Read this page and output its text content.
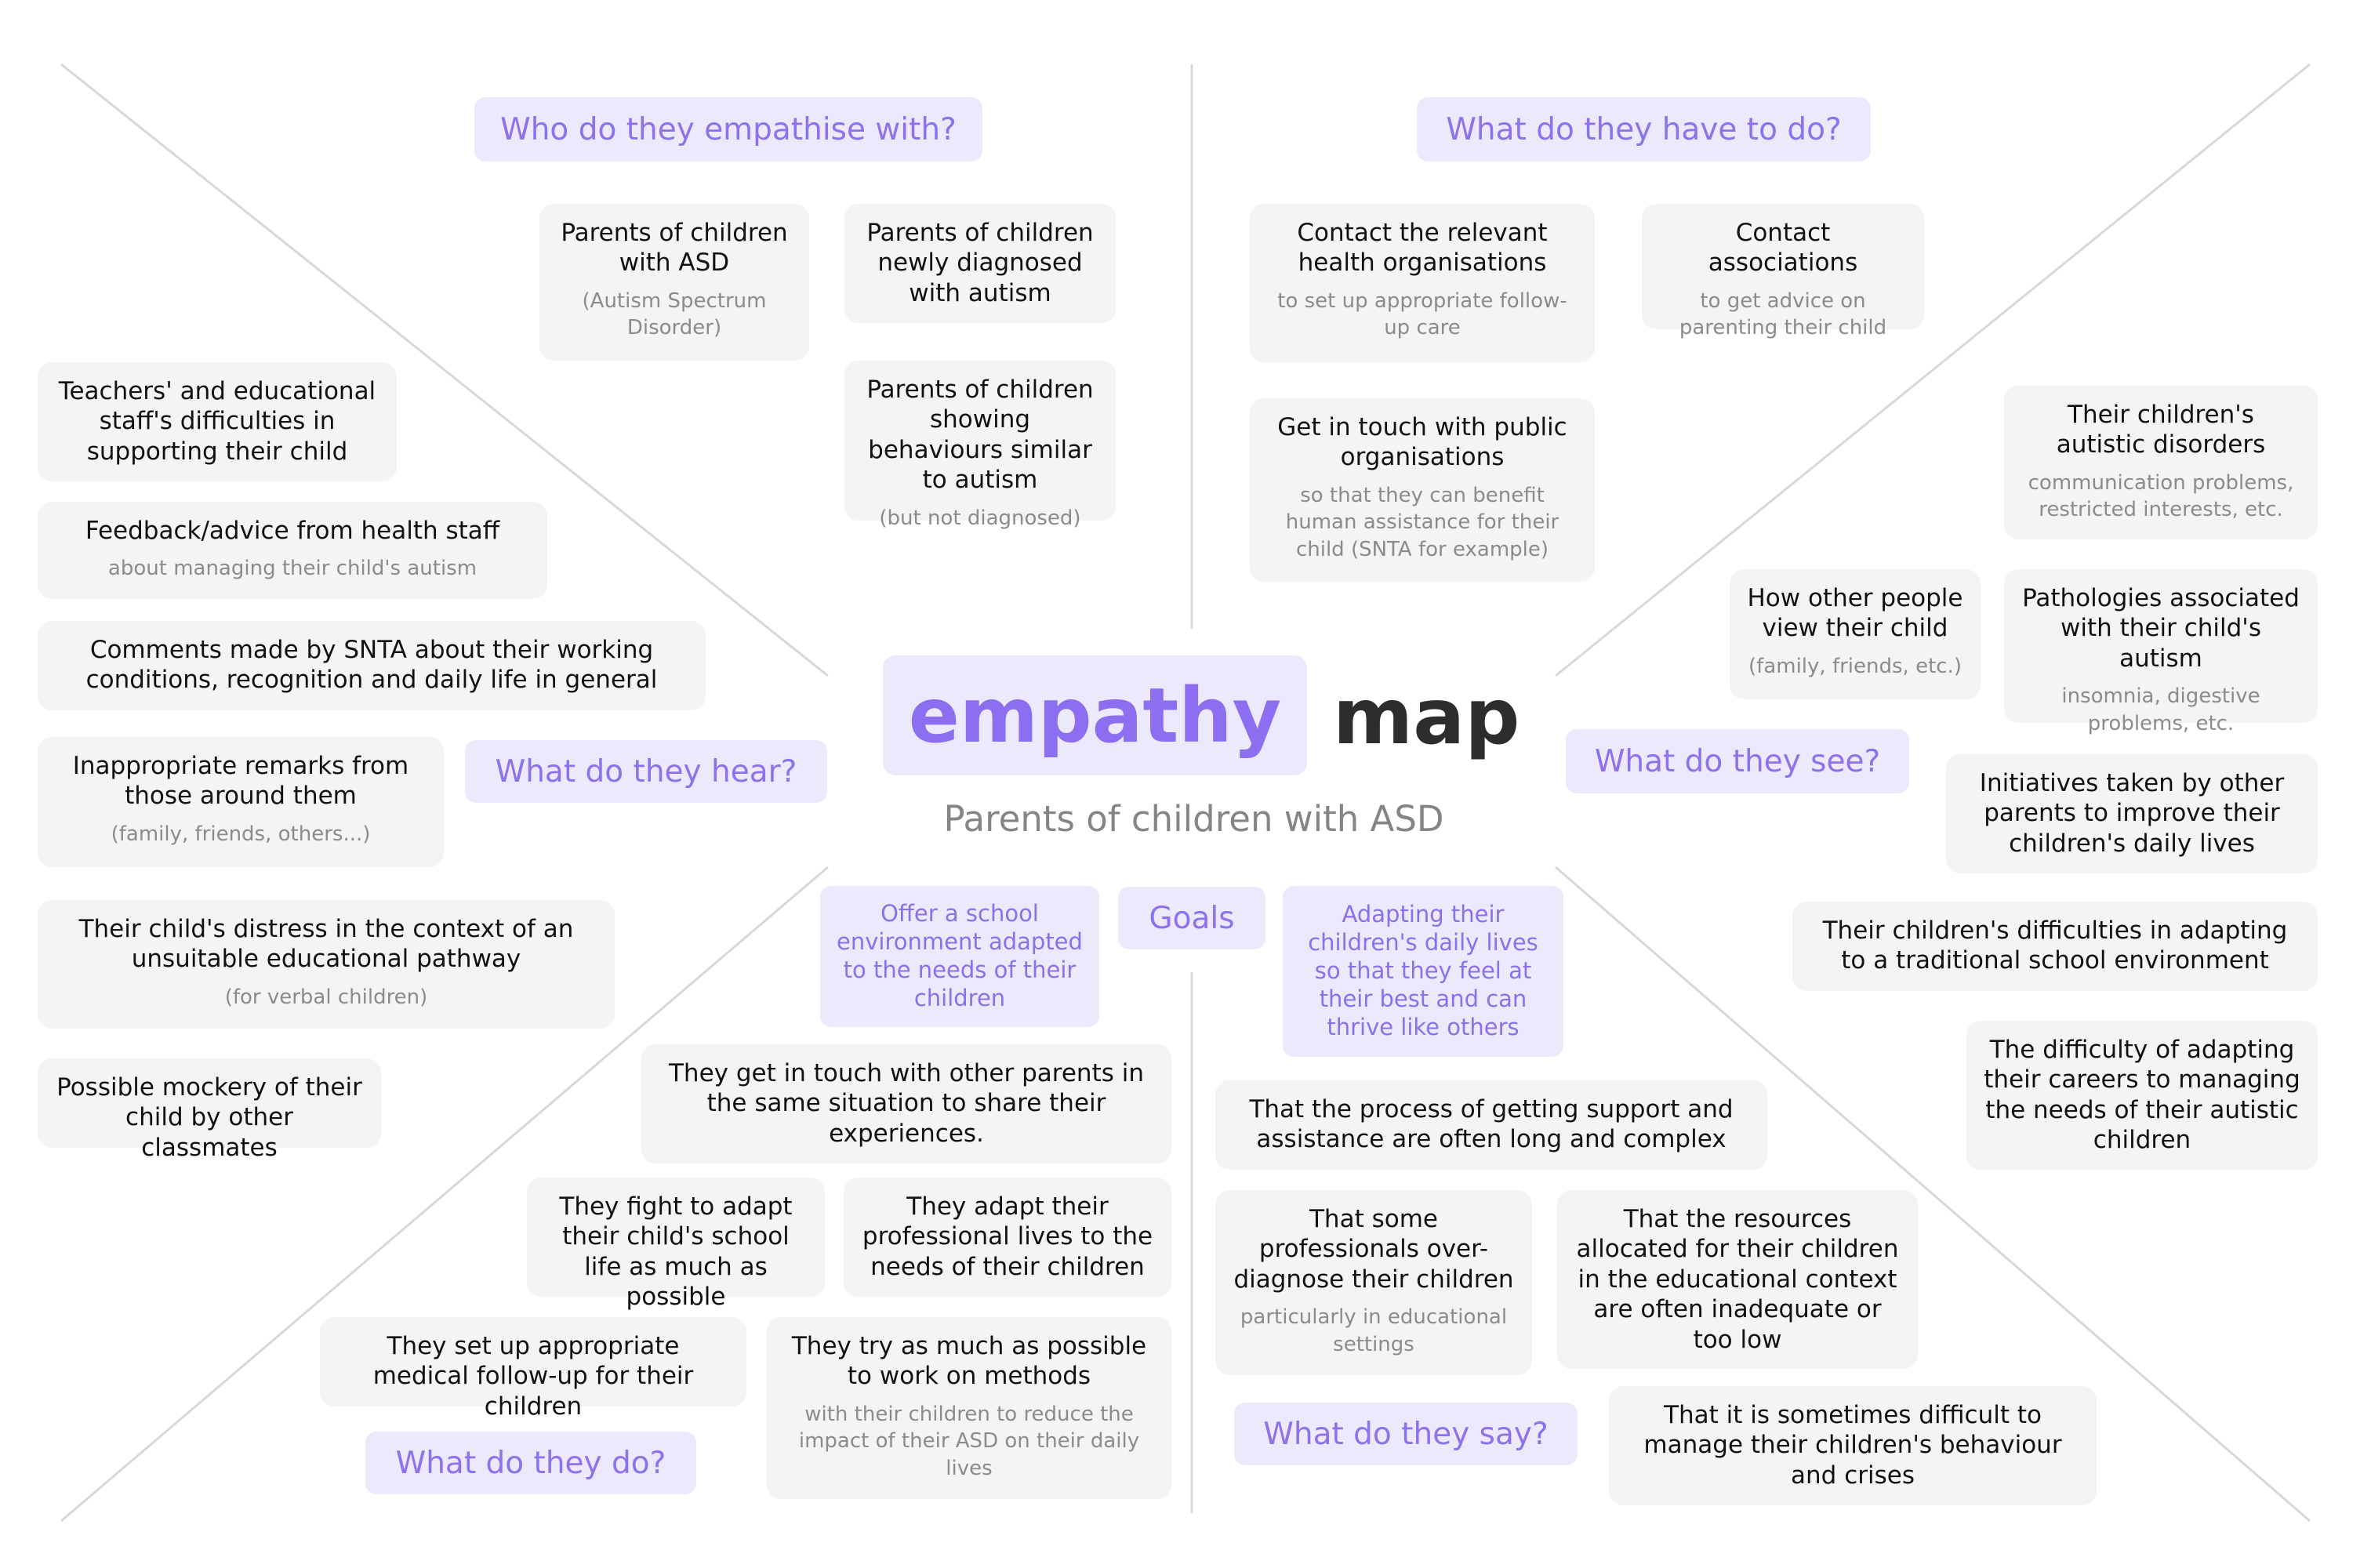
empathy map
Parents of children with ASD
Who do they empathise with?	What do they have to do?
What do they hear?	What do they see?
Goals
What do they do?
What do they say?
Parents of children with ASD
(Autism Spectrum Disorder)
Parents of children newly diagnosed with autism
Parents of children showing behaviours similar to autism
(but not diagnosed)
Contact the relevant health organisations
to set up appropriate follow-up care
Contact associations
to get advice on parenting their child
Get in touch with public organisations
so that they can benefit human assistance for their child (SNTA for example)
Teachers' and educational staff's difficulties in supporting their child
Feedback/advice from health staff
about managing their child's autism
Comments made by SNTA about their working conditions, recognition and daily life in general
Inappropriate remarks from those around them
(family, friends, others...)
Their child's distress in the context of an unsuitable educational pathway
(for verbal children)
Possible mockery of their child by other classmates
Their children's autistic disorders
communication problems, restricted interests, etc.
How other people view their child
(family, friends, etc.)
Pathologies associated with their child's autism
insomnia, digestive problems, etc.
Initiatives taken by other parents to improve their children's daily lives
Their children's difficulties in adapting to a traditional school environment
The difficulty of adapting their careers to managing the needs of their autistic children
Offer a school environment adapted to the needs of their children
Adapting their children's daily lives so that they feel at their best and can thrive like others
They get in touch with other parents in the same situation to share their experiences.
They fight to adapt their child's school life as much as possible
They adapt their professional lives to the needs of their children
They set up appropriate medical follow-up for their children
They try as much as possible to work on methods
with their children to reduce the impact of their ASD on their daily lives
That the process of getting support and assistance are often long and complex
That some professionals over-diagnose their children
particularly in educational settings
That the resources allocated for their children in the educational context are often inadequate or too low
That it is sometimes difficult to manage their children's behaviour and crises
